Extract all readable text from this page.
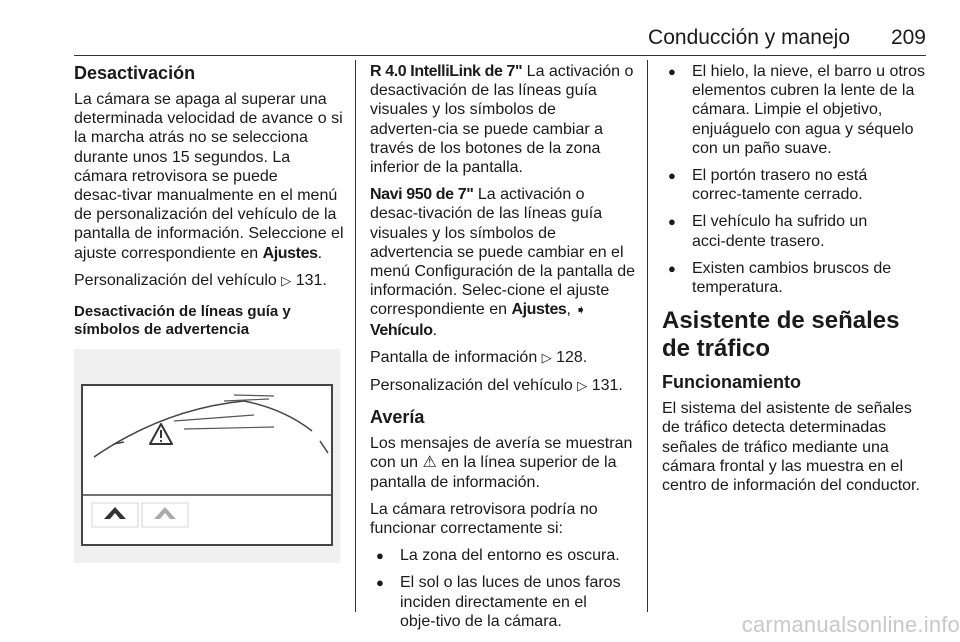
Conducción y manejo	209
Desactivación

La cámara se apaga al superar una determinada velocidad de avance o si la marcha atrás no se selecciona durante unos 15 segundos. La cámara retrovisora se puede desac‑tivar manualmente en el menú de personalización del vehículo de la pantalla de información. Seleccione el ajuste correspondiente en Ajustes.

Personalización del vehículo ▷ 131.

Desactivación de líneas guía y símbolos de advertencia

R 4.0 IntelliLink de 7" La activación o desactivación de las líneas guía visuales y los símbolos de adverten‑cia se puede cambiar a través de los botones de la zona inferior de la pantalla.

Navi 950 de 7" La activación o desac‑tivación de las líneas guía visuales y los símbolos de advertencia se puede cambiar en el menú Configuración de la pantalla de información. Selec‑cione el ajuste correspondiente en Ajustes, ➧ Vehículo.

Pantalla de información ▷ 128.

Personalización del vehículo ▷ 131.

Avería

Los mensajes de avería se muestran con un ⚠ en la línea superior de la pantalla de información.

La cámara retrovisora podría no funcionar correctamente si:

● La zona del entorno es oscura.
● El sol o las luces de unos faros inciden directamente en el obje‑tivo de la cámara.
● El hielo, la nieve, el barro u otros elementos cubren la lente de la cámara. Limpie el objetivo, enjuáguelo con agua y séquelo con un paño suave.
● El portón trasero no está correc‑tamente cerrado.
● El vehículo ha sufrido un acci‑dente trasero.
● Existen cambios bruscos de temperatura.
Asistente de señales de tráfico
Funcionamiento

El sistema del asistente de señales de tráfico detecta determinadas señales de tráfico mediante una cámara frontal y las muestra en el centro de información del conductor.

carmanualsonline.info
